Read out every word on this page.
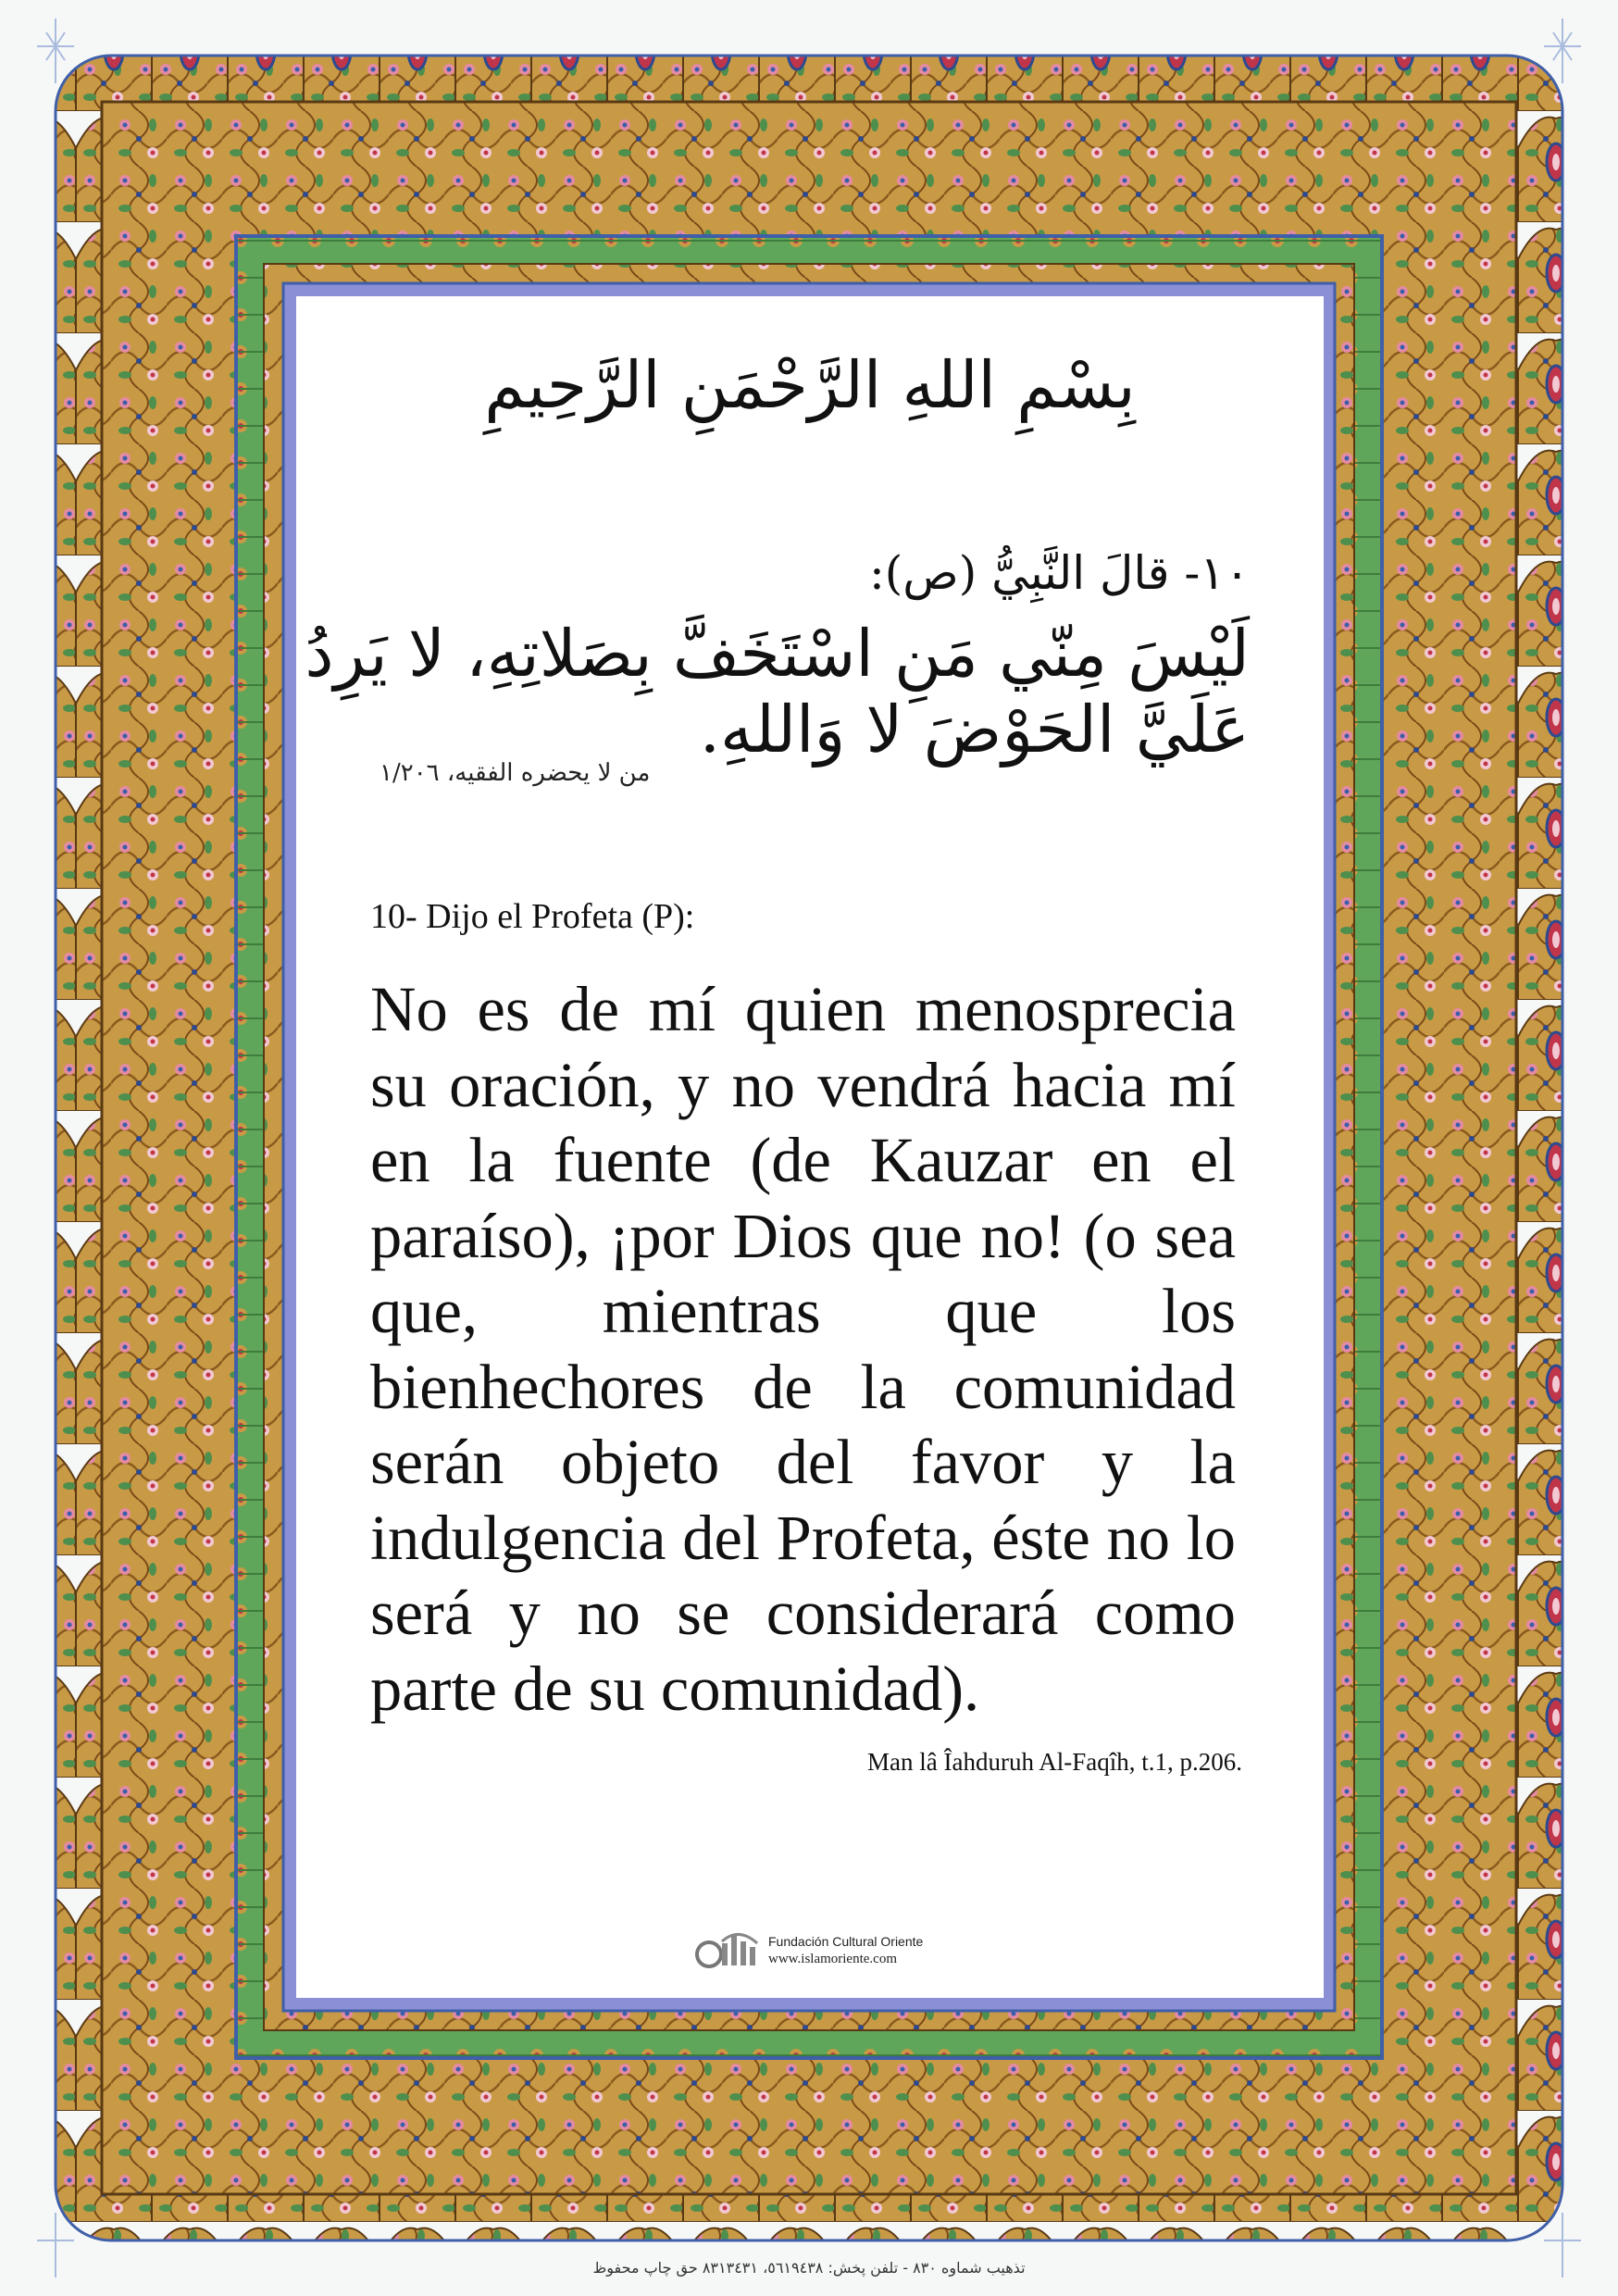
بِسْمِ اللهِ الرَّحْمَنِ الرَّحِيمِ
١٠- قالَ النَّبِيُّ (ص):
لَيْسَ مِنّي مَنِ اسْتَخَفَّ بِصَلاتِهِ، لا يَرِدُ عَلَيَّ الحَوْضَ لا وَاللهِ.
من لا يحضره الفقيه، ١/٢٠٦
10- Dijo el Profeta (P):
No es de mí quien menosprecia su oración, y no vendrá hacia mí en la fuente (de Kauzar en el paraíso), ¡por Dios que no! (o sea que, mientras que los bienhechores de la comunidad serán objeto del favor y la indulgencia del Profeta, éste no lo será y no se considerará como parte de su comunidad).
Man lâ Îahduruh Al-Faqîh, t.1, p.206.
Fundación Cultural Oriente
www.islamoriente.com
تذهيب شماوه ٨٣٠ - تلفن پخش: ٥٦١٩٤٣٨، ٨٣١٣٤٣١ حق چاپ محفوظ
